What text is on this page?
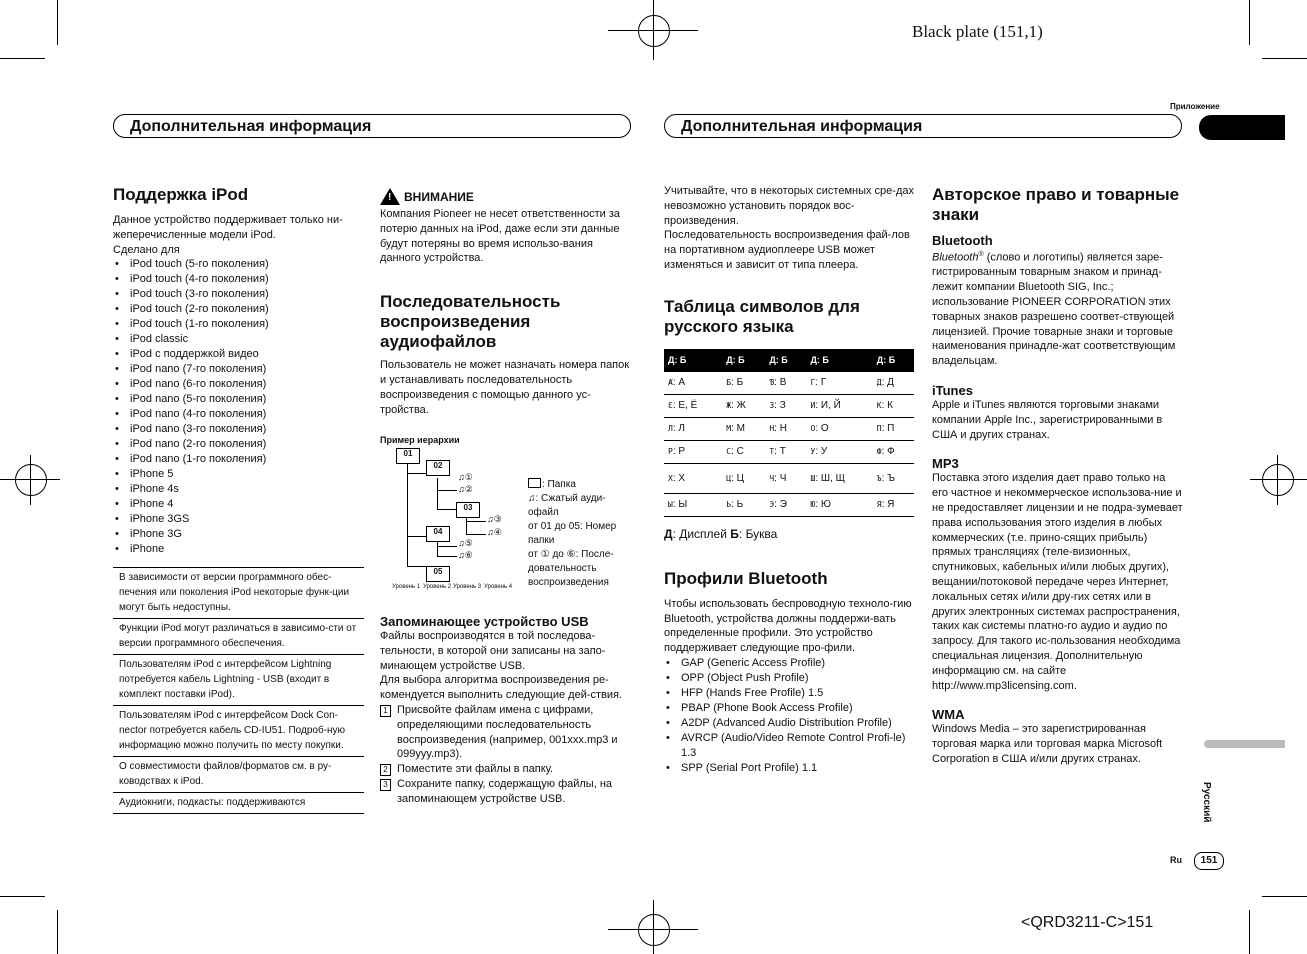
Black plate (151,1)
Приложение
Дополнительная информация	Дополнительная информация
Поддержка iPod

Данное устройство поддерживает только ни-жеперечисленные модели iPod.

Сделано для

• iPod touch (5-го поколения)
• iPod touch (4-го поколения)
• iPod touch (3-го поколения)
• iPod touch (2-го поколения)
• iPod touch (1-го поколения)
• iPod classic
• iPod с поддержкой видео
• iPod nano (7-го поколения)
• iPod nano (6-го поколения)
• iPod nano (5-го поколения)
• iPod nano (4-го поколения)
• iPod nano (3-го поколения)
• iPod nano (2-го поколения)
• iPod nano (1-го поколения)
• iPhone 5
• iPhone 4s
• iPhone 4
• iPhone 3GS
• iPhone 3G
• iPhone
В зависимости от версии программного обес-печения или поколения iPod некоторые функ-ции могут быть недоступны.
Функции iPod могут различаться в зависимо-сти от версии программного обеспечения.
Пользователям iPod с интерфейсом Lightning потребуется кабель Lightning - USB (входит в комплект поставки iPod).
Пользователям iPod с интерфейсом Dock Con-nector потребуется кабель CD-IU51. Подроб-ную информацию можно получить по месту покупки.
О совместимости файлов/форматов см. в ру-ководствах к iPod.
Аудиокниги, подкасты: поддерживаются
! ВНИМАНИЕ

Компания Pioneer не несет ответственности за потерю данных на iPod, даже если эти данные будут потеряны во время использо-вания данного устройства.

Последовательность воспроизведения аудиофайлов

Пользователь не может назначать номера папок и устанавливать последовательность воспроизведения с помощью данного ус-тройства.

Пример иерархии
01
02
03
04
05
♫①
♫②
♫③
♫④
♫⑤
♫⑥
Уровень 1 Уровень 2 Уровень 3 Уровень 4
: Папка
♫: Сжатый ауди-офайл
от 01 до 05: Номер папки
от ① до ⑥: После-довательность воспроизведения
Запоминающее устройство USB

Файлы воспроизводятся в той последова-тельности, в которой они записаны на запо-минающем устройстве USB.

Для выбора алгоритма воспроизведения ре-комендуется выполнить следующие дей-ствия.

1 Присвойте файлам имена с цифрами, определяющими последовательность воспроизведения (например, 001xxx.mp3 и 099yyy.mp3).
2 Поместите эти файлы в папку.
3 Сохраните папку, содержащую файлы, на запоминающем устройстве USB.

Учитывайте, что в некоторых системных сре-дах невозможно установить порядок вос-произведения.

Последовательность воспроизведения фай-лов на портативном аудиоплеере USB может изменяться и зависит от типа плеера.

Таблица символов для русского языка
Д: Б	Д: Б	Д: Б	Д: Б	Д: Б
Ⱥ: А	Б: Б	Ɓ: В	Г: Г	Д: Д
Ɛ: Е, Ё	Ж: Ж	З: З	И: И, Й	К: К
Л: Л	М: М	Н: Н	О: О	П: П
Р: Р	С: С	Т: Т	У: У	Ф: Ф
Х: Х	Ц: Ц	Ч: Ч	Ш: Ш, Щ	Ъ: Ъ
Ы: Ы	Ь: Ь	Э: Э	Ю: Ю	Я: Я
Д: Дисплей Б: Буква
Профили Bluetooth

Чтобы использовать беспроводную техноло-гию Bluetooth, устройства должны поддержи-вать определенные профили. Это устройство поддерживает следующие про-фили.

• GAP (Generic Access Profile)
• OPP (Object Push Profile)
• HFP (Hands Free Profile) 1.5
• PBAP (Phone Book Access Profile)
• A2DP (Advanced Audio Distribution Profile)
• AVRCP (Audio/Video Remote Control Profi-le) 1.3
• SPP (Serial Port Profile) 1.1
Авторское право и товарные знаки
Bluetooth

Bluetooth® (слово и логотипы) является заре-гистрированным товарным знаком и принад-лежит компании Bluetooth SIG, Inc.; использование PIONEER CORPORATION этих товарных знаков разрешено соответ-ствующей лицензией. Прочие товарные знаки и торговые наименования принадле-жат соответствующим владельцам.

iTunes

Apple и iTunes являются торговыми знаками компании Apple Inc., зарегистрированными в США и других странах.

MP3

Поставка этого изделия дает право только на его частное и некоммерческое использова-ние и не предоставляет лицензии и не подра-зумевает права использования этого изделия в любых коммерческих (т.е. прино-сящих прибыль) прямых трансляциях (теле-визионных, спутниковых, кабельных и/или любых других), вещании/потоковой передаче через Интернет, локальных сетях и/или дру-гих сетях или в других электронных системах распространения, таких как системы платно-го аудио и аудио по запросу. Для такого ис-пользования необходима специальная лицензия. Дополнительную информацию см. на сайте

http://www.mp3licensing.com.

WMA

Windows Media – это зарегистрированная торговая марка или торговая марка Microsoft Corporation в США и/или других странах.

Русский
Ru	151
<QRD3211-C>151
